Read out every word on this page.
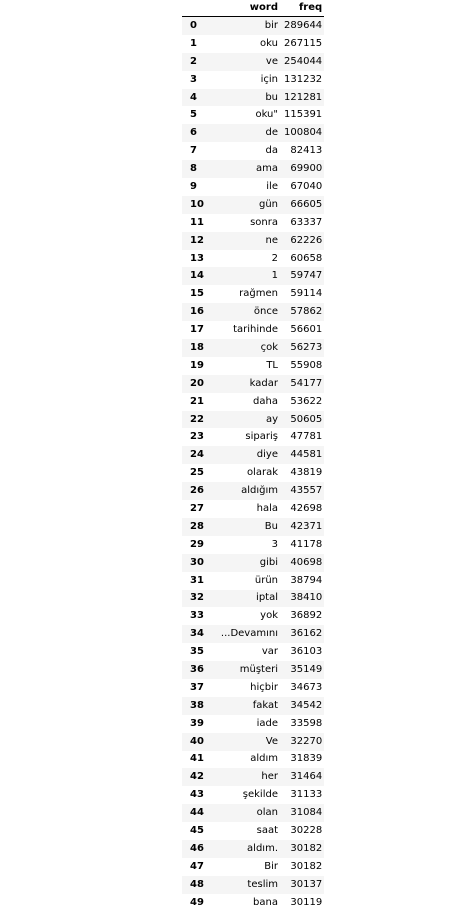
	word	freq
0	bir	289644
1	oku	267115
2	ve	254044
3	için	131232
4	bu	121281
5	oku"	115391
6	de	100804
7	da	82413
8	ama	69900
9	ile	67040
10	gün	66605
11	sonra	63337
12	ne	62226
13	2	60658
14	1	59747
15	rağmen	59114
16	önce	57862
17	tarihinde	56601
18	çok	56273
19	TL	55908
20	kadar	54177
21	daha	53622
22	ay	50605
23	sipariş	47781
24	diye	44581
25	olarak	43819
26	aldığım	43557
27	hala	42698
28	Bu	42371
29	3	41178
30	gibi	40698
31	ürün	38794
32	iptal	38410
33	yok	36892
34	...Devamını	36162
35	var	36103
36	müşteri	35149
37	hiçbir	34673
38	fakat	34542
39	iade	33598
40	Ve	32270
41	aldım	31839
42	her	31464
43	şekilde	31133
44	olan	31084
45	saat	30228
46	aldım.	30182
47	Bir	30182
48	teslim	30137
49	bana	30119
